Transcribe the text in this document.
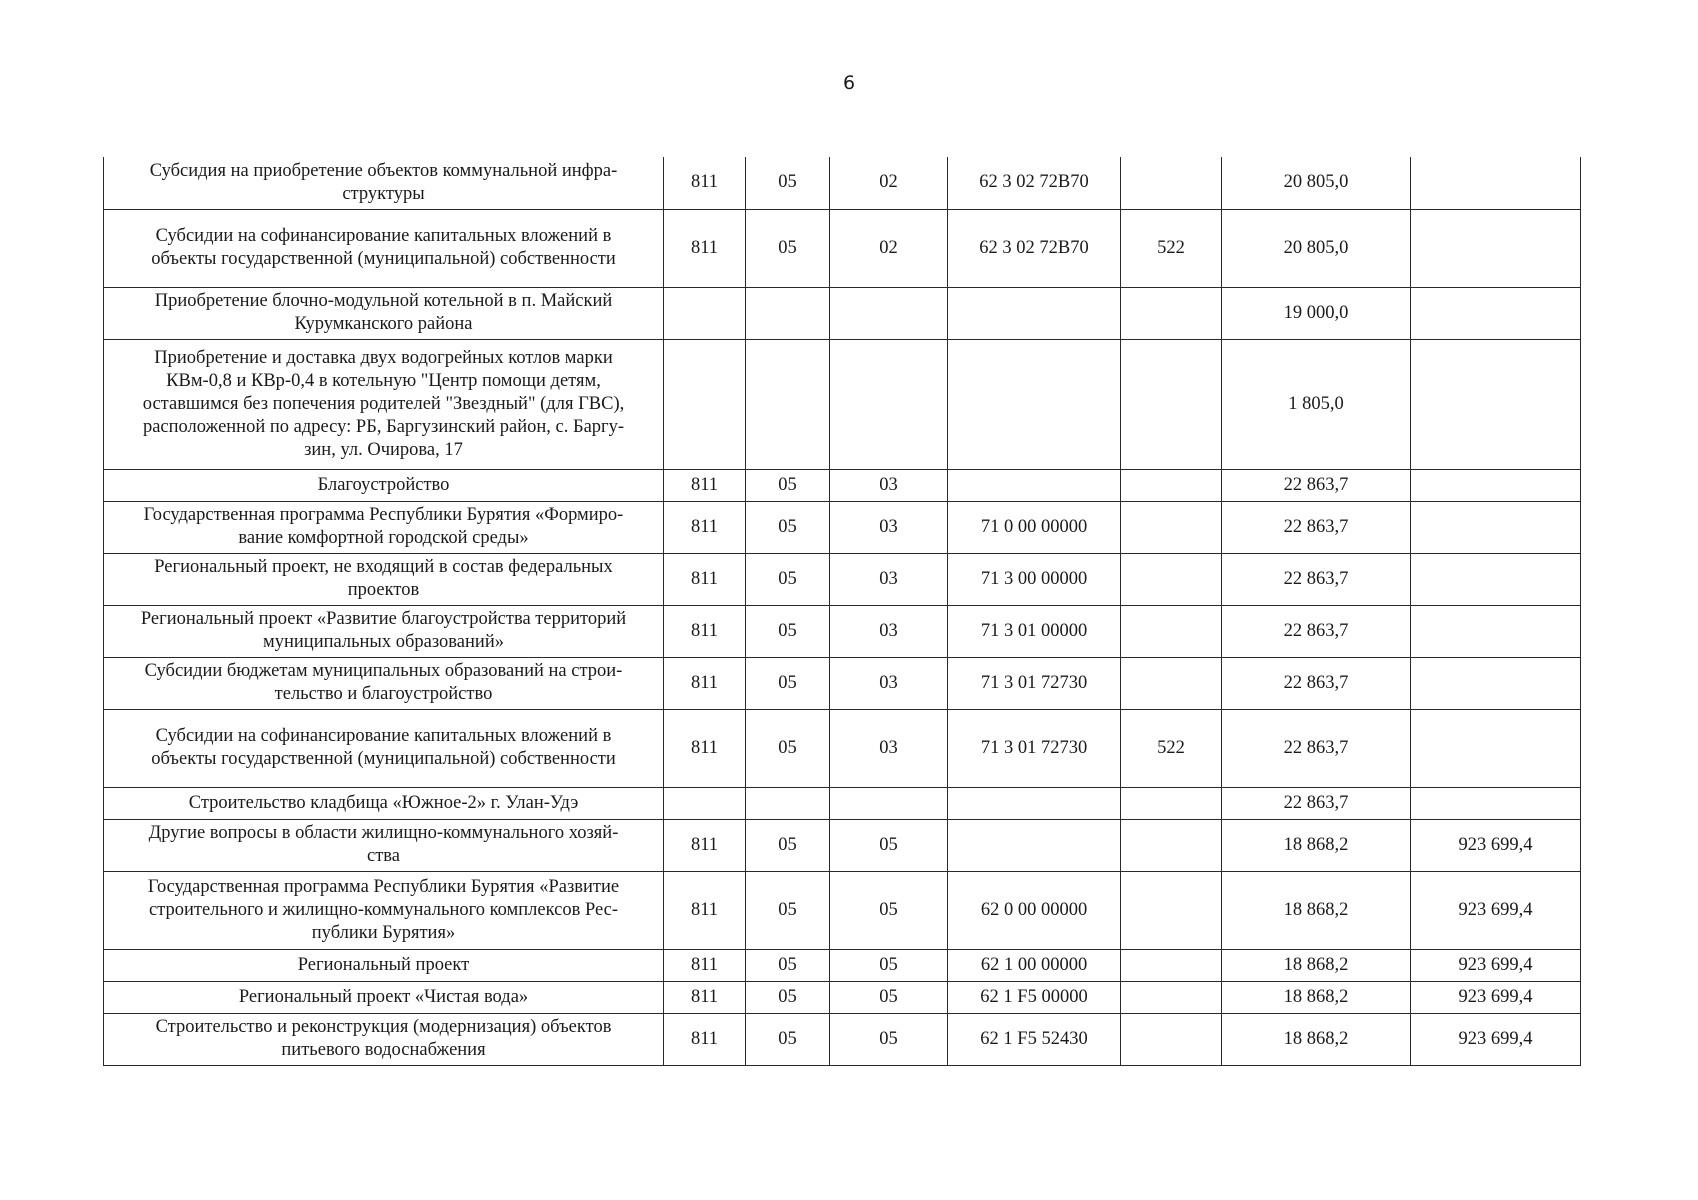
6
Субсидия на приобретение объектов коммунальной инфра-
структуры	811	05	02	62 3 02 72В70		20 805,0	

Субсидии на софинансирование капитальных вложений в
объекты государственной (муниципальной) собственности	811	05	02	62 3 02 72В70	522	20 805,0	

Приобретение блочно-модульной котельной в п. Майский
Курумканского района						19 000,0	

Приобретение и доставка двух водогрейных котлов марки
КВм-0,8 и КВр-0,4 в котельную "Центр помощи детям,
оставшимся без попечения родителей "Звездный" (для ГВС),
расположенной по адресу: РБ, Баргузинский район, с. Баргу-
зин, ул. Очирова, 17						1 805,0	

Благоустройство	811	05	03			22 863,7	

Государственная программа Республики Бурятия «Формиро-
вание комфортной городской среды»	811	05	03	71 0 00 00000		22 863,7	

Региональный проект, не входящий в состав федеральных
проектов	811	05	03	71 3 00 00000		22 863,7	

Региональный проект «Развитие благоустройства территорий
муниципальных образований»	811	05	03	71 3 01 00000		22 863,7	

Субсидии бюджетам муниципальных образований на строи-
тельство и благоустройство	811	05	03	71 3 01 72730		22 863,7	

Субсидии на софинансирование капитальных вложений в
объекты государственной (муниципальной) собственности	811	05	03	71 3 01 72730	522	22 863,7	

Строительство кладбища «Южное-2» г. Улан-Удэ						22 863,7	

Другие вопросы в области жилищно-коммунального хозяй-
ства	811	05	05			18 868,2	923 699,4

Государственная программа Республики Бурятия «Развитие
строительного и жилищно-коммунального комплексов Рес-
публики Бурятия»	811	05	05	62 0 00 00000		18 868,2	923 699,4

Региональный проект	811	05	05	62 1 00 00000		18 868,2	923 699,4

Региональный проект «Чистая вода»	811	05	05	62 1 F5 00000		18 868,2	923 699,4

Строительство и реконструкция (модернизация) объектов
питьевого водоснабжения	811	05	05	62 1 F5 52430		18 868,2	923 699,4
